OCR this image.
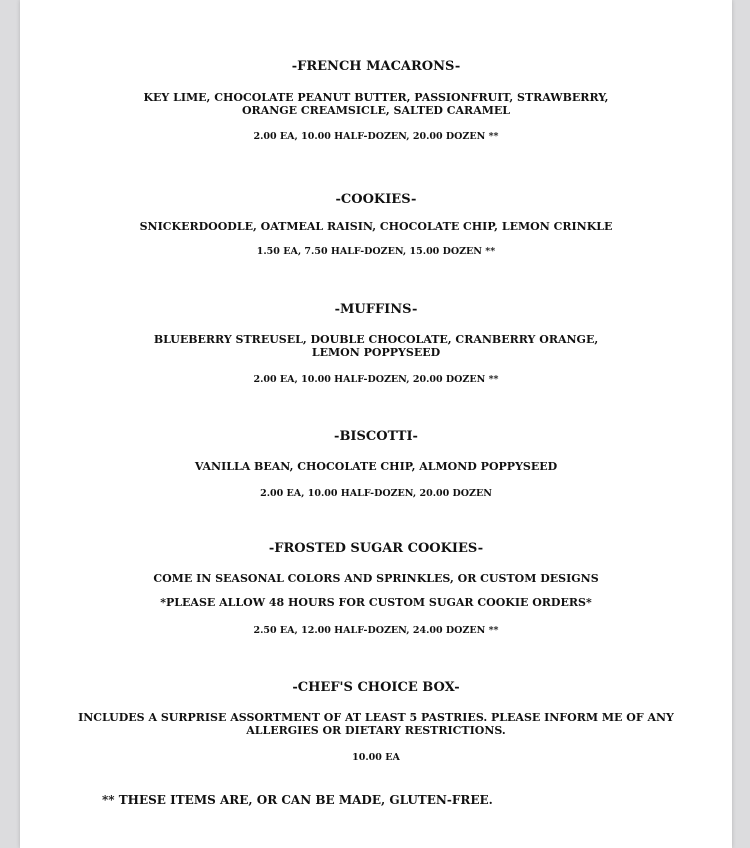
-FRENCH MACARONS-
KEY LIME, CHOCOLATE PEANUT BUTTER, PASSIONFRUIT, STRAWBERRY,
ORANGE CREAMSICLE, SALTED CARAMEL
2.00 EA, 10.00 HALF-DOZEN, 20.00 DOZEN **
-COOKIES-
SNICKERDOODLE, OATMEAL RAISIN, CHOCOLATE CHIP, LEMON CRINKLE
1.50 EA, 7.50 HALF-DOZEN, 15.00 DOZEN **
-MUFFINS-
BLUEBERRY STREUSEL, DOUBLE CHOCOLATE, CRANBERRY ORANGE,
LEMON POPPYSEED
2.00 EA, 10.00 HALF-DOZEN, 20.00 DOZEN **
-BISCOTTI-
VANILLA BEAN, CHOCOLATE CHIP, ALMOND POPPYSEED
2.00 EA, 10.00 HALF-DOZEN, 20.00 DOZEN
-FROSTED SUGAR COOKIES-
COME IN SEASONAL COLORS AND SPRINKLES, OR CUSTOM DESIGNS
*PLEASE ALLOW 48 HOURS FOR CUSTOM SUGAR COOKIE ORDERS*
2.50 EA, 12.00 HALF-DOZEN, 24.00 DOZEN **
-CHEF'S CHOICE BOX-
INCLUDES A SURPRISE ASSORTMENT OF AT LEAST 5 PASTRIES. PLEASE INFORM ME OF ANY
ALLERGIES OR DIETARY RESTRICTIONS.
10.00 EA
** THESE ITEMS ARE, OR CAN BE MADE, GLUTEN-FREE.
